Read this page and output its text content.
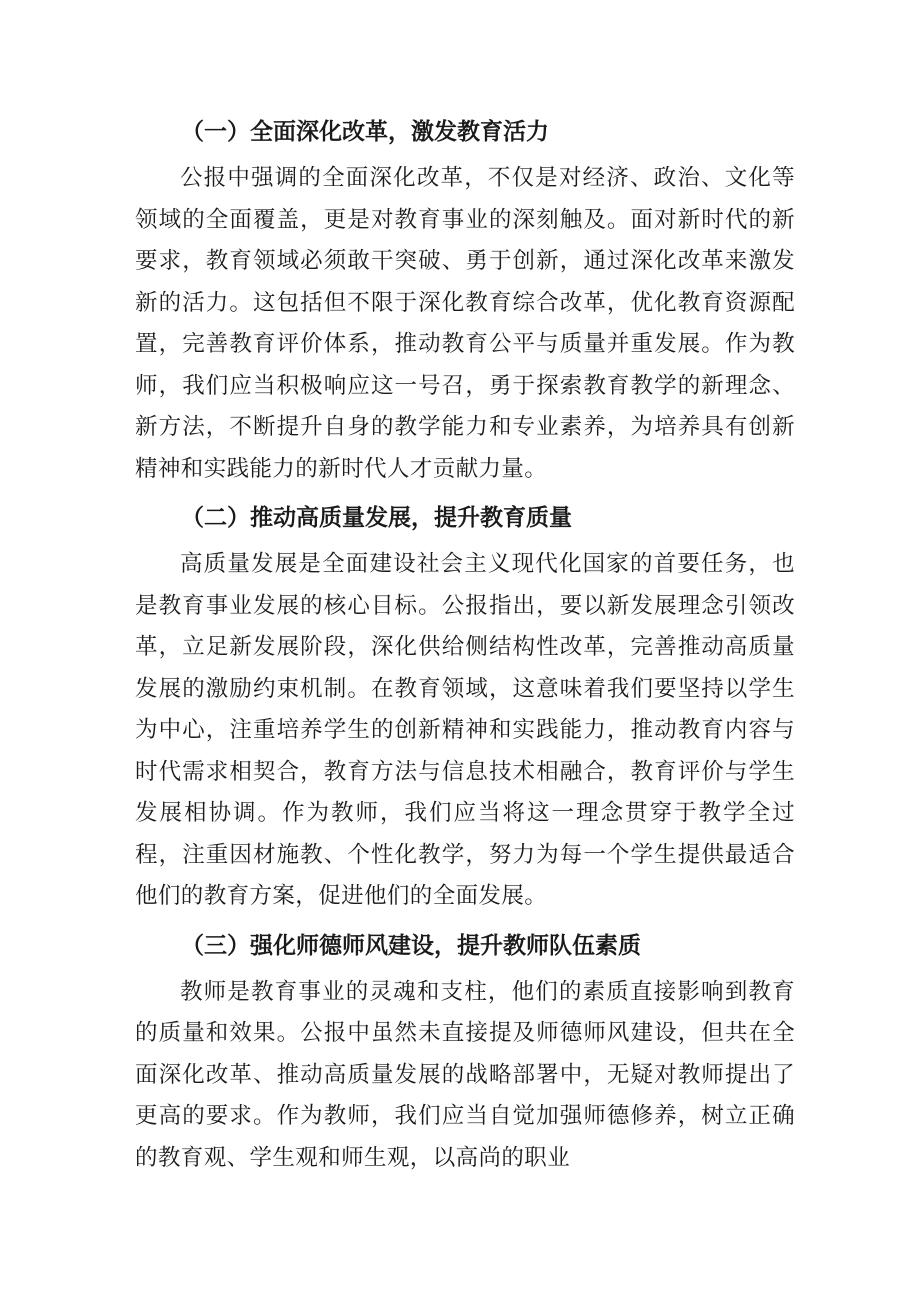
（一）全面深化改革，激发教育活力

公报中强调的全面深化改革，不仅是对经济、政治、文化等领域的全面覆盖，更是对教育事业的深刻触及。面对新时代的新要求，教育领域必须敢干突破、勇于创新，通过深化改革来激发新的活力。这包括但不限于深化教育综合改革，优化教育资源配置，完善教育评价体系，推动教育公平与质量并重发展。作为教师，我们应当积极响应这一号召，勇于探索教育教学的新理念、新方法，不断提升自身的教学能力和专业素养，为培养具有创新精神和实践能力的新时代人才贡献力量。

（二）推动高质量发展，提升教育质量

高质量发展是全面建设社会主义现代化国家的首要任务，也是教育事业发展的核心目标。公报指出，要以新发展理念引领改革，立足新发展阶段，深化供给侧结构性改革，完善推动高质量发展的激励约束机制。在教育领域，这意味着我们要坚持以学生为中心，注重培养学生的创新精神和实践能力，推动教育内容与时代需求相契合，教育方法与信息技术相融合，教育评价与学生发展相协调。作为教师，我们应当将这一理念贯穿于教学全过程，注重因材施教、个性化教学，努力为每一个学生提供最适合他们的教育方案，促进他们的全面发展。

（三）强化师德师风建设，提升教师队伍素质

教师是教育事业的灵魂和支柱，他们的素质直接影响到教育的质量和效果。公报中虽然未直接提及师德师风建设，但共在全面深化改革、推动高质量发展的战略部署中，无疑对教师提出了更高的要求。作为教师，我们应当自觉加强师德修养，树立正确的教育观、学生观和师生观，以高尚的职业
